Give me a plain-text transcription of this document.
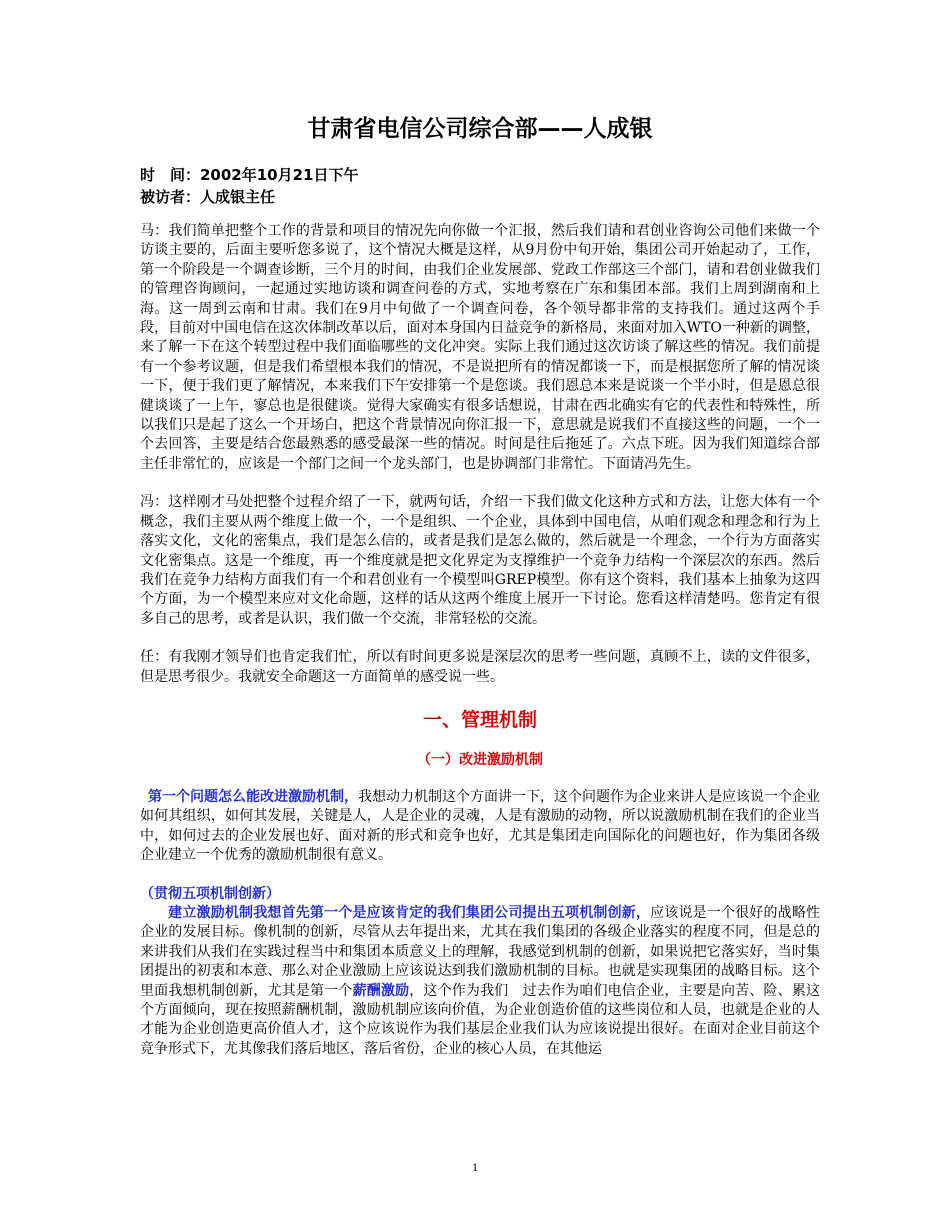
甘肃省电信公司综合部——人成银

时　间：2002年10月21日下午

被访者：人成银主任

马：我们简单把整个工作的背景和项目的情况先向你做一个汇报，然后我们请和君创业咨询公司他们来做一个访谈主要的，后面主要听您多说了，这个情况大概是这样，从9月份中旬开始，集团公司开始起动了，工作，第一个阶段是一个调查诊断，三个月的时间，由我们企业发展部、党政工作部这三个部门，请和君创业做我们的管理咨询顾问，一起通过实地访谈和调查问卷的方式，实地考察在广东和集团本部。我们上周到湖南和上海。这一周到云南和甘肃。我们在9月中旬做了一个调查问卷，各个领导都非常的支持我们。通过这两个手段，目前对中国电信在这次体制改革以后，面对本身国内日益竞争的新格局，来面对加入WTO一种新的调整，来了解一下在这个转型过程中我们面临哪些的文化冲突。实际上我们通过这次访谈了解这些的情况。我们前提有一个参考议题，但是我们希望根本我们的情况，不是说把所有的情况都谈一下，而是根据您所了解的情况谈一下，便于我们更了解情况，本来我们下午安排第一个是您谈。我们恩总本来是说谈一个半小时，但是恩总很健谈谈了一上午，寥总也是很健谈。觉得大家确实有很多话想说，甘肃在西北确实有它的代表性和特殊性，所以我们只是起了这么一个开场白，把这个背景情况向你汇报一下，意思就是说我们不直接这些的问题，一个一个去回答，主要是结合您最熟悉的感受最深一些的情况。时间是往后拖延了。六点下班。因为我们知道综合部主任非常忙的，应该是一个部门之间一个龙头部门，也是协调部门非常忙。下面请冯先生。

冯：这样刚才马处把整个过程介绍了一下，就两句话，介绍一下我们做文化这种方式和方法，让您大体有一个概念，我们主要从两个维度上做一个，一个是组织、一个企业，具体到中国电信，从咱们观念和理念和行为上落实文化，文化的密集点，我们是怎么信的，或者是我们是怎么做的，然后就是一个理念，一个行为方面落实文化密集点。这是一个维度，再一个维度就是把文化界定为支撑维护一个竞争力结构一个深层次的东西。然后我们在竞争力结构方面我们有一个和君创业有一个模型叫GREP模型。你有这个资料，我们基本上抽象为这四个方面，为一个模型来应对文化命题，这样的话从这两个维度上展开一下讨论。您看这样清楚吗。您肯定有很多自己的思考，或者是认识，我们做一个交流，非常轻松的交流。

任：有我刚才领导们也肯定我们忙，所以有时间更多说是深层次的思考一些问题，真顾不上，读的文件很多，但是思考很少。我就安全命题这一方面简单的感受说一些。

一、管理机制
（一）改进激励机制

第一个问题怎么能改进激励机制，我想动力机制这个方面讲一下，这个问题作为企业来讲人是应该说一个企业如何其组织，如何其发展，关键是人，人是企业的灵魂，人是有激励的动物，所以说激励机制在我们的企业当中，如何过去的企业发展也好、面对新的形式和竞争也好，尤其是集团走向国际化的问题也好，作为集团各级企业建立一个优秀的激励机制很有意义。

（贯彻五项机制创新）

建立激励机制我想首先第一个是应该肯定的我们集团公司提出五项机制创新，应该说是一个很好的战略性企业的发展目标。像机制的创新，尽管从去年提出来，尤其在我们集团的各级企业落实的程度不同，但是总的来讲我们从我们在实践过程当中和集团本质意义上的理解，我感觉到机制的创新，如果说把它落实好，当时集团提出的初衷和本意、那么对企业激励上应该说达到我们激励机制的目标。也就是实现集团的战略目标。这个里面我想机制创新，尤其是第一个薪酬激励，这个作为我们　过去作为咱们电信企业，主要是向苦、险、累这个方面倾向，现在按照薪酬机制，激励机制应该向价值，为企业创造价值的这些岗位和人员，也就是企业的人才能为企业创造更高价值人才，这个应该说作为我们基层企业我们认为应该说提出很好。在面对企业目前这个竞争形式下，尤其像我们落后地区，落后省份，企业的核心人员，在其他运

1
